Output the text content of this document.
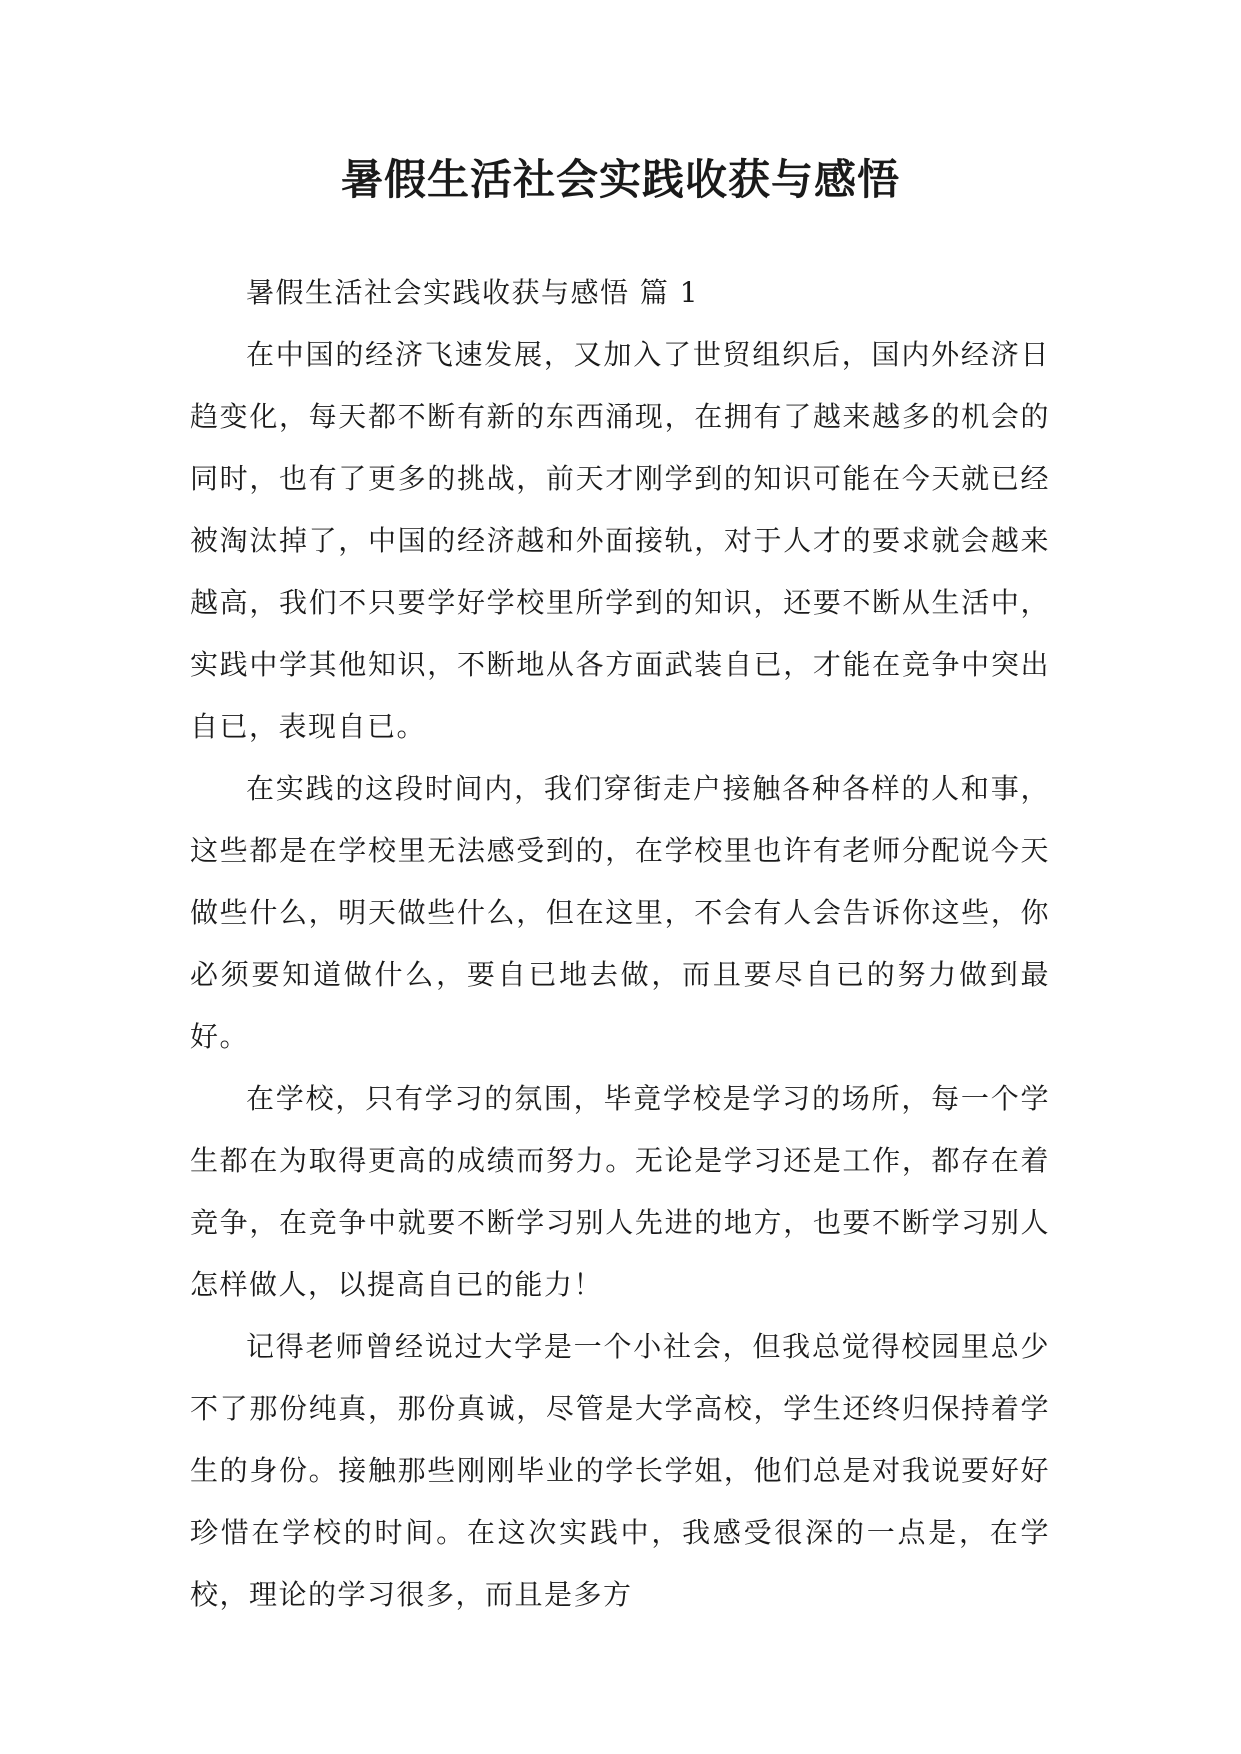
暑假生活社会实践收获与感悟

暑假生活社会实践收获与感悟 篇 1

在中国的经济飞速发展，又加入了世贸组织后，国内外经济日趋变化，每天都不断有新的东西涌现，在拥有了越来越多的机会的同时，也有了更多的挑战，前天才刚学到的知识可能在今天就已经被淘汰掉了，中国的经济越和外面接轨，对于人才的要求就会越来越高，我们不只要学好学校里所学到的知识，还要不断从生活中，实践中学其他知识，不断地从各方面武装自已，才能在竞争中突出自已，表现自已。

在实践的这段时间内，我们穿街走户接触各种各样的人和事，这些都是在学校里无法感受到的，在学校里也许有老师分配说今天做些什么，明天做些什么，但在这里，不会有人会告诉你这些，你必须要知道做什么，要自已地去做，而且要尽自已的努力做到最好。

在学校，只有学习的氛围，毕竟学校是学习的场所，每一个学生都在为取得更高的成绩而努力。无论是学习还是工作，都存在着竞争，在竞争中就要不断学习别人先进的地方，也要不断学习别人怎样做人，以提高自已的能力！

记得老师曾经说过大学是一个小社会，但我总觉得校园里总少不了那份纯真，那份真诚，尽管是大学高校，学生还终归保持着学生的身份。接触那些刚刚毕业的学长学姐，他们总是对我说要好好珍惜在学校的时间。在这次实践中，我感受很深的一点是，在学校，理论的学习很多，而且是多方
